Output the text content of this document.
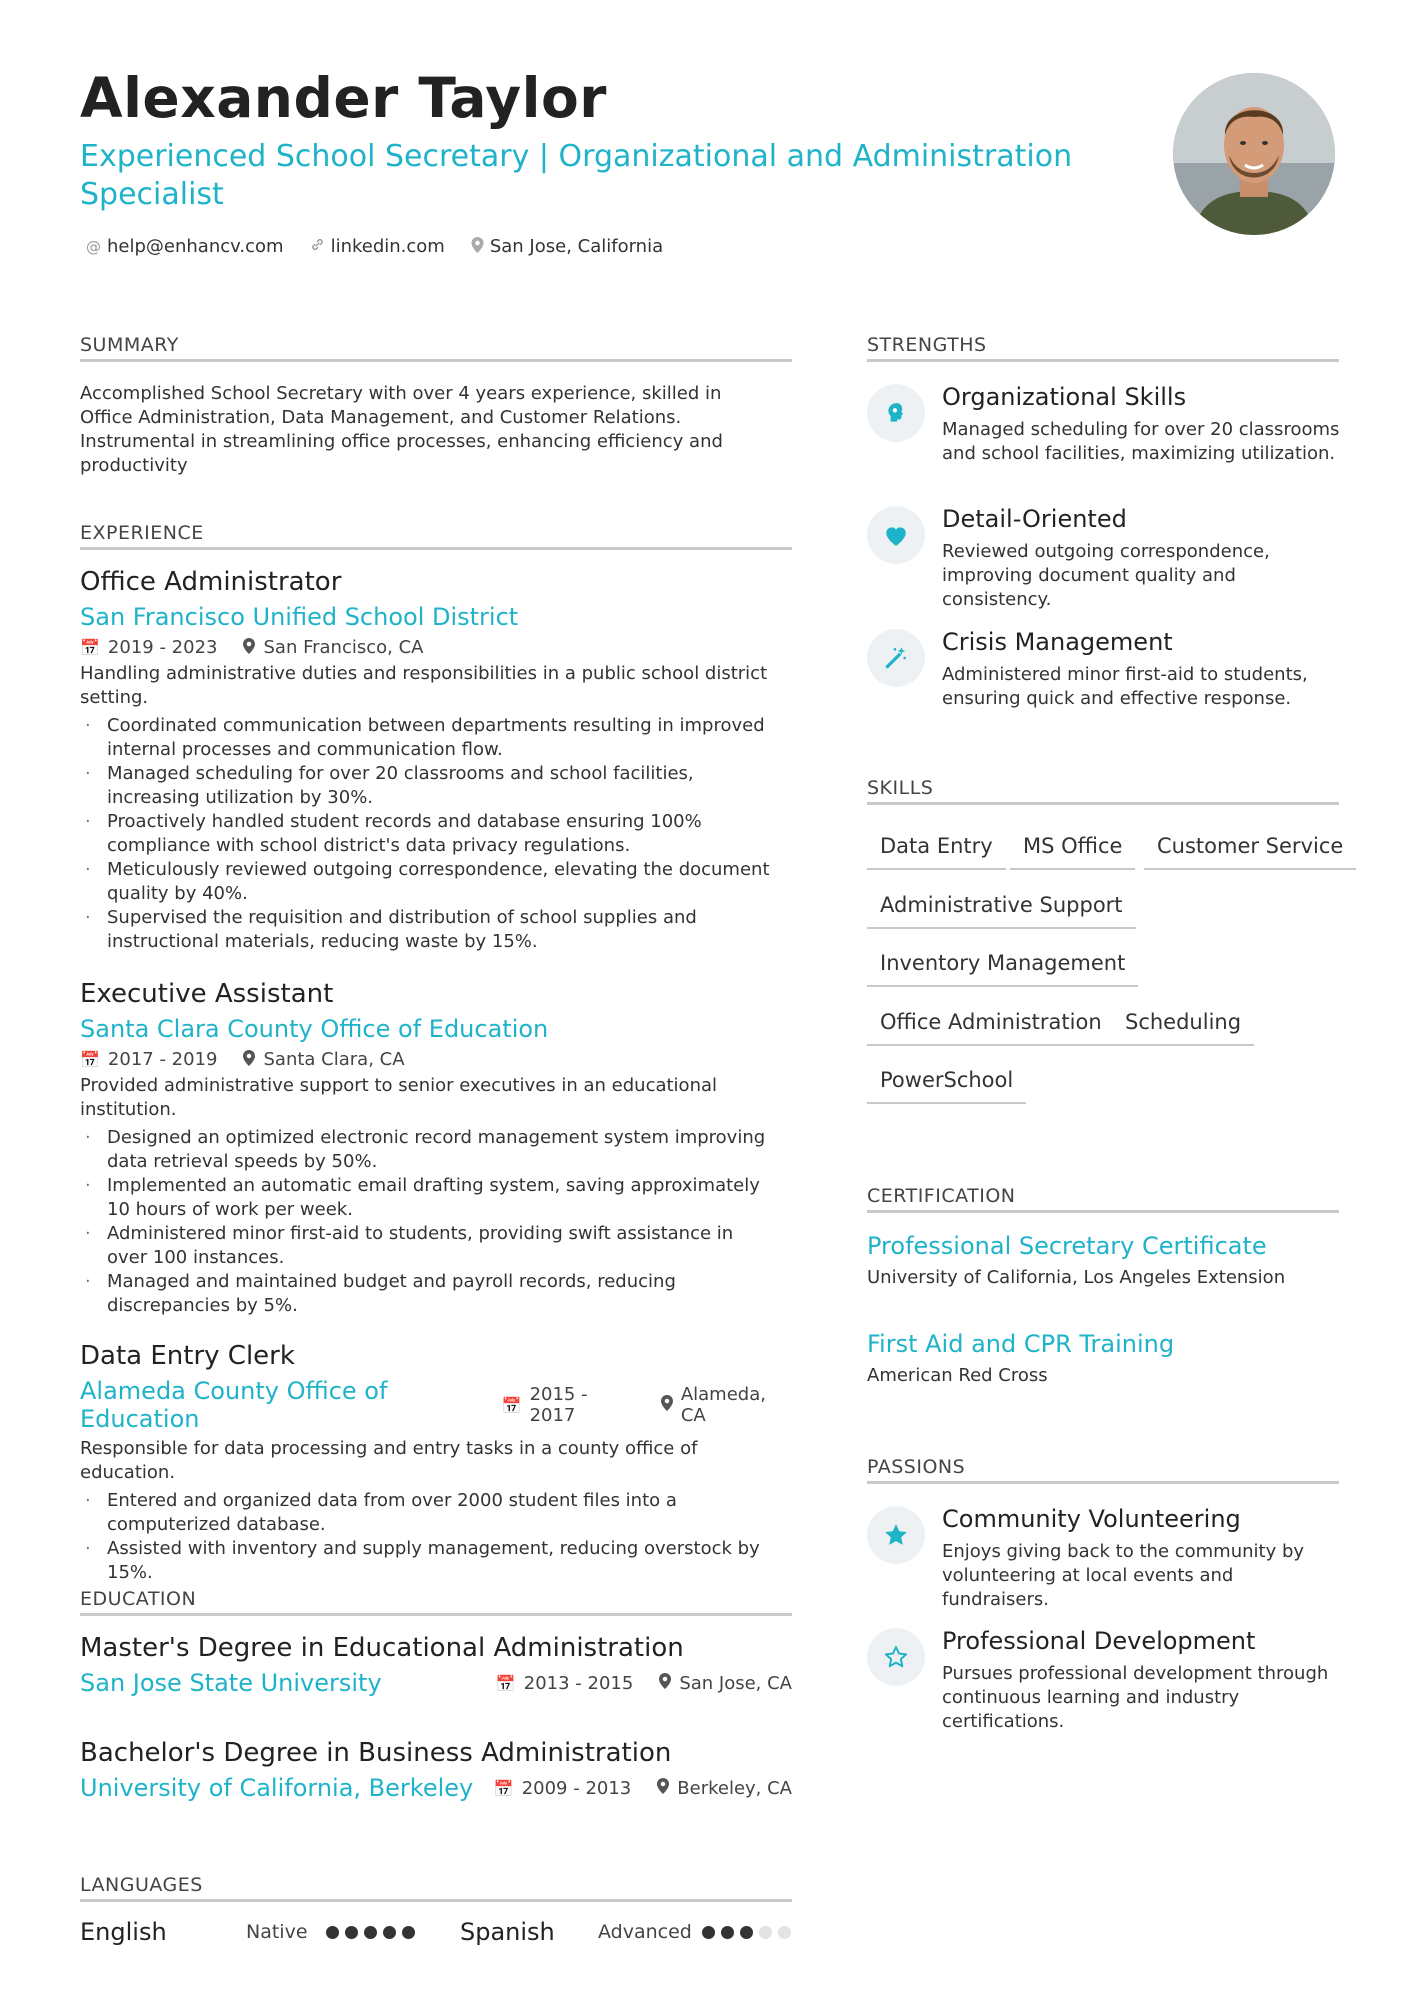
Alexander Taylor
Experienced School Secretary | Organizational and Administration Specialist
@ help@enhancv.com	linkedin.com	San Jose, California
SUMMARY
Accomplished School Secretary with over 4 years experience, skilled in Office Administration, Data Management, and Customer Relations. Instrumental in streamlining office processes, enhancing efficiency and productivity
EXPERIENCE
Office Administrator
San Francisco Unified School District
📅 2019 - 2023	San Francisco, CA
Handling administrative duties and responsibilities in a public school district setting.
· Coordinated communication between departments resulting in improved internal processes and communication flow.
· Managed scheduling for over 20 classrooms and school facilities, increasing utilization by 30%.
· Proactively handled student records and database ensuring 100% compliance with school district's data privacy regulations.
· Meticulously reviewed outgoing correspondence, elevating the document quality by 40%.
· Supervised the requisition and distribution of school supplies and instructional materials, reducing waste by 15%.
Executive Assistant
Santa Clara County Office of Education
📅 2017 - 2019	Santa Clara, CA
Provided administrative support to senior executives in an educational institution.
· Designed an optimized electronic record management system improving data retrieval speeds by 50%.
· Implemented an automatic email drafting system, saving approximately 10 hours of work per week.
· Administered minor first-aid to students, providing swift assistance in over 100 instances.
· Managed and maintained budget and payroll records, reducing discrepancies by 5%.
Data Entry Clerk
Alameda County Office of Education	📅 2015 - 2017
Alameda, CA
Responsible for data processing and entry tasks in a county office of education.
· Entered and organized data from over 2000 student files into a computerized database.
· Assisted with inventory and supply management, reducing overstock by 15%.
EDUCATION
Master's Degree in Educational Administration
San Jose State University	📅 2013 - 2015	San Jose, CA
Bachelor's Degree in Business Administration
University of California, Berkeley 📅 2009 - 2013	Berkeley, CA
LANGUAGES
English	Native	Spanish	Advanced
STRENGTHS
Organizational Skills
Managed scheduling for over 20 classrooms and school facilities, maximizing utilization.
Detail-Oriented
Reviewed outgoing correspondence, improving document quality and consistency.
Crisis Management
Administered minor first-aid to students, ensuring quick and effective response.
SKILLS
Data Entry	MS Office	Customer Service
Administrative Support
Inventory Management
Office Administration	Scheduling
PowerSchool
CERTIFICATION
Professional Secretary Certificate
University of California, Los Angeles Extension
First Aid and CPR Training
American Red Cross
PASSIONS
Community Volunteering
Enjoys giving back to the community by volunteering at local events and fundraisers.
Professional Development
Pursues professional development through continuous learning and industry certifications.
